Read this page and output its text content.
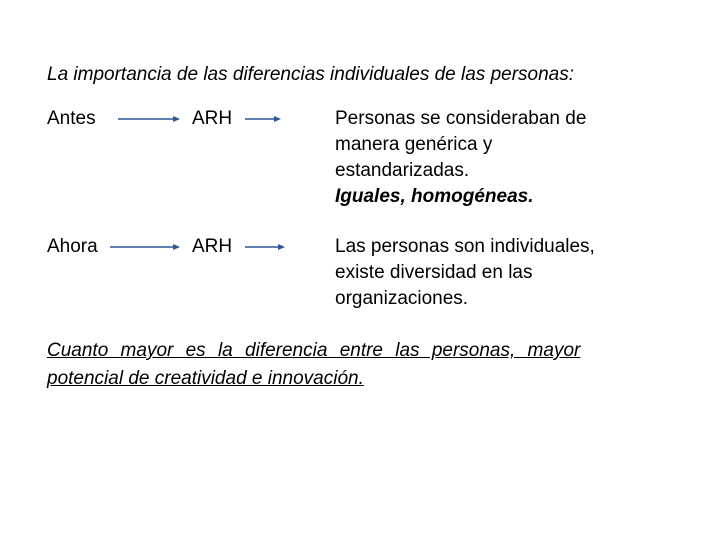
La importancia de las diferencias individuales de las personas:
Antes	ARH	Personas se consideraban de
manera genérica y
estandarizadas.
Iguales, homogéneas.
Ahora	ARH	Las personas son individuales,
existe diversidad en las
organizaciones.
Cuanto mayor es la diferencia entre las personas, mayor
potencial de creatividad e innovación.
